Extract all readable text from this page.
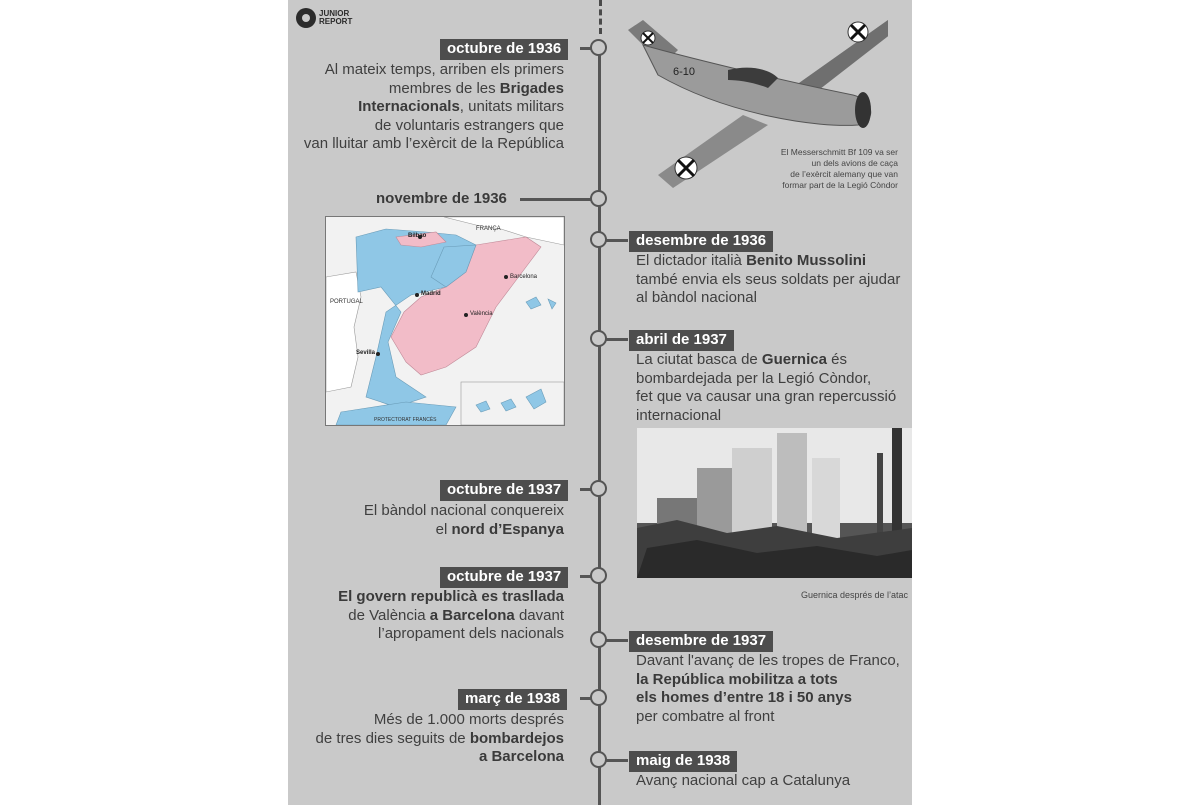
JUNIOR
REPORT
6-10
El Messerschmitt Bf 109 va ser
un dels avions de caça
de l’exèrcit alemany que van
formar part de la Legió Còndor
octubre de 1936
Al mateix temps, arriben els primers
membres de les Brigades
Internacionals, unitats militars
de voluntaris estrangers que
van lluitar amb l’exèrcit de la República
novembre de 1936
FRANÇA
PORTUGAL
Bilbao
Madrid
Barcelona
València
Sevilla
PROTECTORAT FRANCÈS
desembre de 1936
El dictador italià Benito Mussolini
també envia els seus soldats per ajudar
al bàndol nacional
abril de 1937
La ciutat basca de Guernica és
bombardejada per la Legió Còndor,
fet que va causar una gran repercussió
internacional
Guernica després de l’atac
octubre de 1937
El bàndol nacional conquereix
el nord d’Espanya
octubre de 1937
El govern republicà es trasllada
de València a Barcelona davant
l’apropament dels nacionals	desembre de 1937
Davant l'avanç de les tropes de Franco,
la República mobilitza a tots
els homes d’entre 18 i 50 anys
per combatre al front
març de 1938
Més de 1.000 morts després
de tres dies seguits de bombardejos
a Barcelona	maig de 1938
Avanç nacional cap a Catalunya
